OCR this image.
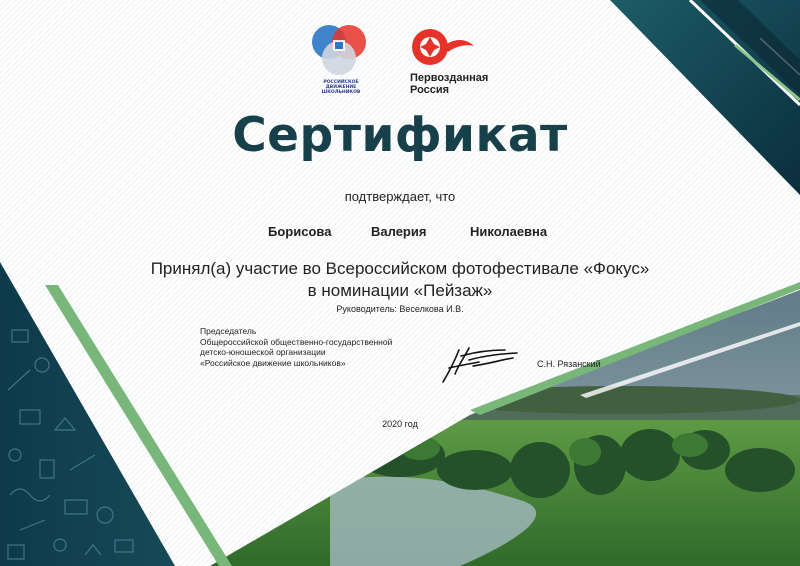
РОССИЙСКОЕ
ДВИЖЕНИЕ ШКОЛЬНИКОВ
Первозданная
Россия
Сертификат
подтверждает, что
Борисова	Валерия	Николаевна
Принял(а) участие во Всероссийском фотофестивале «Фокус»
в номинации «Пейзаж»
Руководитель: Веселкова И.В.
Председатель
Общероссийской общественно-государственной
детско-юношеской организации
«Российское движение школьников»	С.Н. Рязанский
2020 год
